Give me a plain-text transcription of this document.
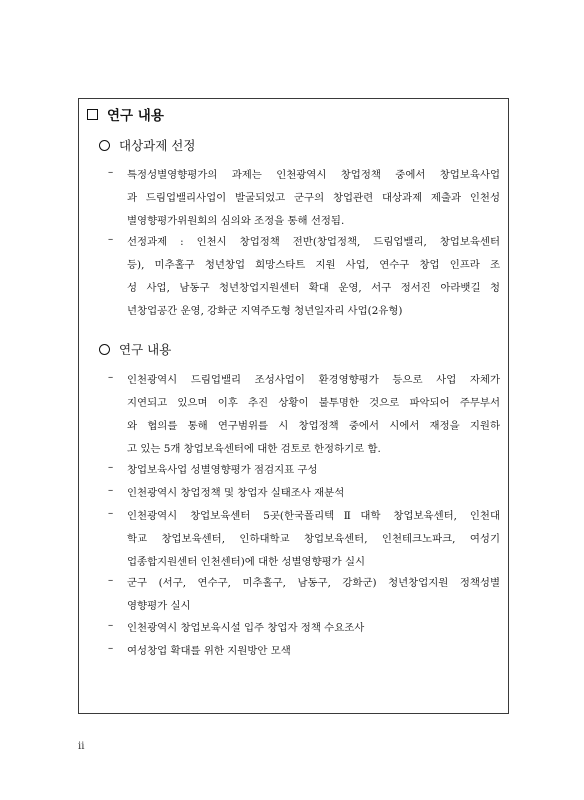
연구 내용
대상과제 선정
– 특정성별영향평가의 과제는 인천광역시 창업정책 중에서 창업보육사업
과 드림업밸리사업이 발굴되었고 군구의 창업관련 대상과제 제출과 인천성
별영향평가위원회의 심의와 조정을 통해 선정됨.
– 선정과제 : 인천시 창업정책 전반(창업정책, 드림업밸리, 창업보육센터
등), 미추홀구 청년창업 희망스타트 지원 사업, 연수구 창업 인프라 조
성 사업, 남동구 청년창업지원센터 확대 운영, 서구 정서진 아라뱃길 청
년창업공간 운영, 강화군 지역주도형 청년일자리 사업(2유형)
연구 내용
– 인천광역시 드림업밸리 조성사업이 환경영향평가 등으로 사업 자체가
지연되고 있으며 이후 추진 상황이 불투명한 것으로 파악되어 주무부서
와 협의를 통해 연구범위를 시 창업정책 중에서 시에서 재정을 지원하
고 있는 5개 창업보육센터에 대한 검토로 한정하기로 함.
– 창업보육사업 성별영향평가 점검지표 구성
– 인천광역시 창업정책 및 창업자 실태조사 재분석
– 인천광역시 창업보육센터 5곳(한국폴리텍Ⅱ대학 창업보육센터, 인천대
학교 창업보육센터, 인하대학교 창업보육센터, 인천테크노파크, 여성기
업종합지원센터 인천센터)에 대한 성별영향평가 실시
– 군구 (서구, 연수구, 미추홀구, 남동구, 강화군) 청년창업지원 정책성별
영향평가 실시
– 인천광역시 창업보육시설 입주 창업자 정책 수요조사
– 여성창업 확대를 위한 지원방안 모색
ii
